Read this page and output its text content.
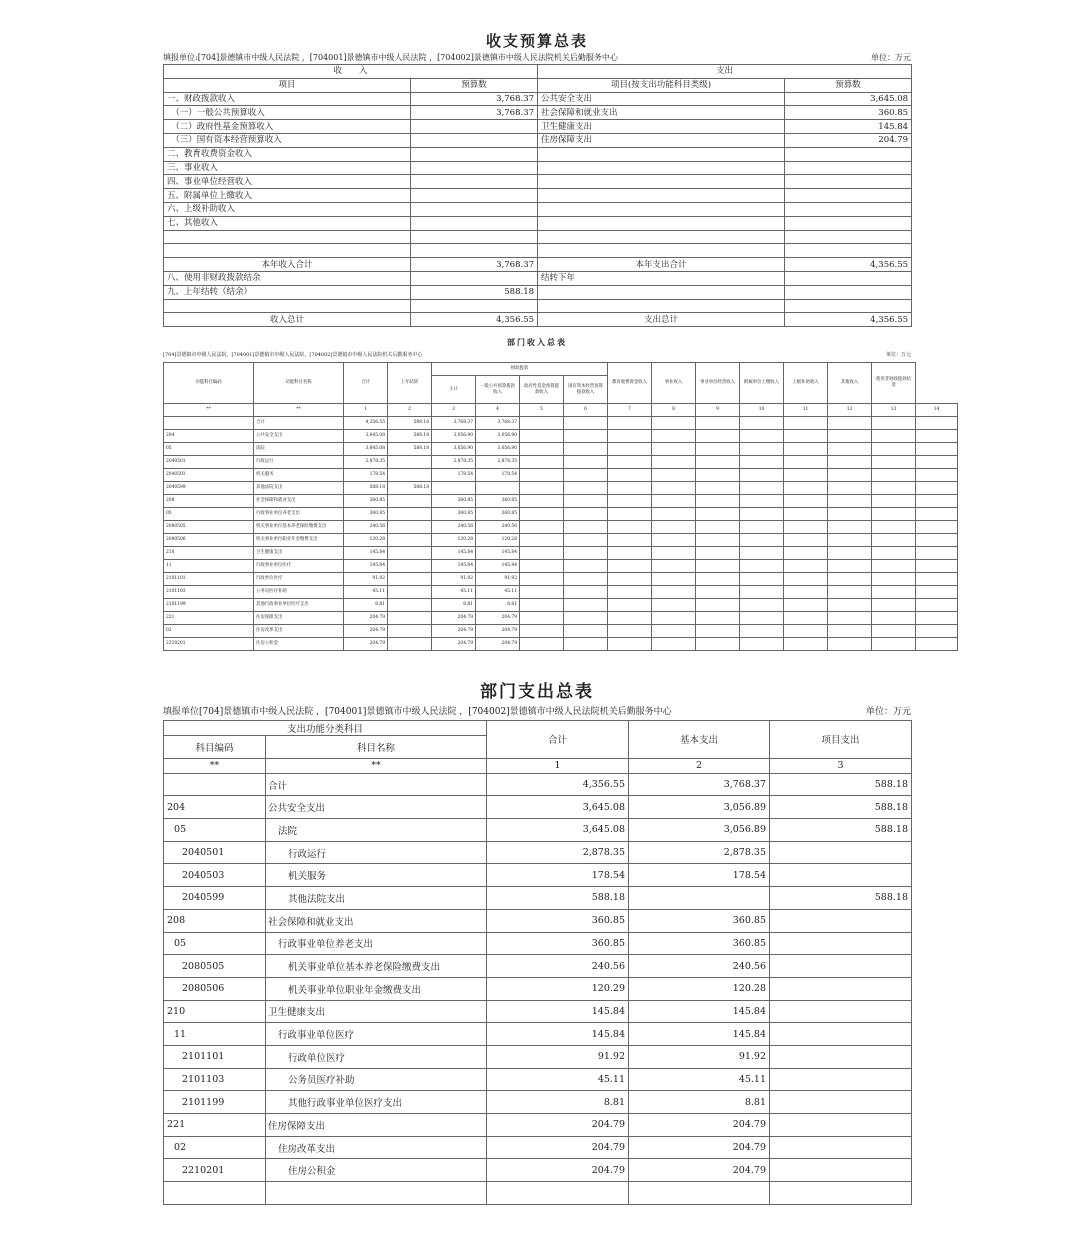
收支预算总表
填报单位:[704]景德镇市中级人民法院 ，[704001]景德镇市中级人民法院 ，[704002]景德镇市中级人民法院机关后勤服务中心	单位：万元
收　　入		支出	
项目	预算数	项目(按支出功能科目类级)	预算数
一、财政拨款收入	3,768.37	公共安全支出	3,645.08
　（一）一般公共预算收入	3,768.37	社会保障和就业支出	360.85
　（二）政府性基金预算收入		卫生健康支出	145.84
　（三）国有资本经营预算收入		住房保障支出	204.79
二、教育收费资金收入			
三、事业收入			
四、事业单位经营收入			
五、附属单位上缴收入			
六、上级补助收入			
七、其他收入			

本年收入合计	3,768.37	本年支出合计	4,356.55
八、使用非财政拨款结余		结转下年	
九、上年结转（结余）	588.18		

收入总计	4,356.55	支出总计	4,356.55
部门收入总表
[704]景德镇市中级人民法院，[704001]景德镇市中级人民法院，[704002]景德镇市中级人民法院机关后勤服务中心	单位：万元
功能科目编码	功能科目名称	合计	上年结转	财政拨款				教育收费资金收入	事业收入	事业单位经营收入	附属单位上缴收入	上级补助收入	其他收入	使用非财政拨款结余	
				小计	一般公共预算拨款收入	政府性基金预算拨款收入	国有资本经营预算拨款收入								
**	**	1	2	3	4	5	6	7	8	9	10	11	12	13	14
	合计	4,356.55	588.18	3,768.37	3,768.37										
204	公共安全支出	3,645.08	588.18	3,056.90	3,056.90										
05	法院	3,645.08	588.18	3,056.90	3,056.90										
2040501	行政运行	2,878.35		2,878.35	2,878.35										
2040503	机关服务	178.54		178.54	178.54										
2040599	其他法院支出	588.18	588.18												
208	社会保障和就业支出	360.85		360.85	360.85										
05	行政事业单位养老支出	360.85		360.85	360.85										
2080505	机关事业单位基本养老保险缴费支出	240.56		240.56	240.56										
2080506	机关事业单位职业年金缴费支出	120.28		120.28	120.28										
210	卫生健康支出	145.84		145.84	145.84										
11	行政事业单位医疗	145.84		145.84	145.84										
2101101	行政单位医疗	91.92		91.92	91.92										
2101103	公务员医疗补助	45.11		45.11	45.11										
2101199	其他行政事业单位医疗支出	8.81		8.81	8.81										
221	住房保障支出	204.79		204.79	204.79										
02	住房改革支出	204.79		204.79	204.79										
2210201	住房公积金	204.79		204.79	204.79										
部门支出总表
填报单位[704]景德镇市中级人民法院 ，[704001]景德镇市中级人民法院 ，[704002]景德镇市中级人民法院机关后勤服务中心	单位：万元
支出功能分类科目		合计	基本支出	项目支出
科目编码	科目名称			
**	**	1	2	3
	合计	4,356.55	3,768.37	588.18
204	公共安全支出	3,645.08	3,056.89	588.18
05	法院	3,645.08	3,056.89	588.18
2040501	行政运行	2,878.35	2,878.35	
2040503	机关服务	178.54	178.54	
2040599	其他法院支出	588.18		588.18
208	社会保障和就业支出	360.85	360.85	
05	行政事业单位养老支出	360.85	360.85	
2080505	机关事业单位基本养老保险缴费支出	240.56	240.56	
2080506	机关事业单位职业年金缴费支出	120.29	120.28	
210	卫生健康支出	145.84	145.84	
11	行政事业单位医疗	145.84	145.84	
2101101	行政单位医疗	91.92	91.92	
2101103	公务员医疗补助	45.11	45.11	
2101199	其他行政事业单位医疗支出	8.81	8.81	
221	住房保障支出	204.79	204.79	
02	住房改革支出	204.79	204.79	
2210201	住房公积金	204.79	204.79	
